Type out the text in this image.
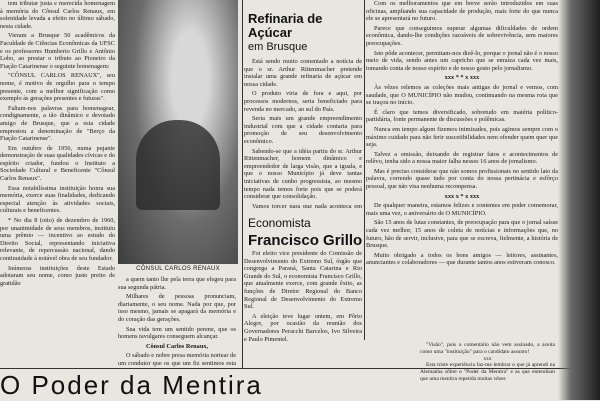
tem tributar justa e merecida homenagem à memória do Cônsul Carlos Renaux, em solenidade levada a efeito no último sábado, nesta cidade.

Vieram a Brusque 50 acadêmicos da Faculdade de Ciências Econômicas da UFSC e os professores Humberto Grillo e Antônio Lobo, ao prestar o tributo ao Pioneiro da Fiação Catarinense o seguinte homenagem:

"CÔNSUL CARLOS RENAUX", seu nome, é motivo de orgulho para o tempo presente, com a melhor significação como exemplo às gerações presentes e futuras".

Faltam-nos palavras para homenagear, condignamente, a tão dinâmico e devotado amigo de Brusque, que a esta cidade emprestou a denominação de "Berço da Fiação Catarinense".

Em outubro de 1956, numa pujante demonstração de suas qualidades cívicas e do espírito criador, fundou o Instituto a Sociedade Cultural e Beneficente "Cônsul Carlos Renaux".

Essa notabilíssima instituição honra sua memória, exerce suas finalidades, dedicando especial atenção às atividades sociais, culturais e beneficentes.

* No dia 8 (oito) de dezembro de 1960, por unanimidade de seus membros, instituiu uma prêmio — incentivo ao estudo do Direito Social, representando iniciativa relevante, de repercussão nacional, dando continuidade à notável obra de seu fundador.

Inúmeras instituições deste Estado adotaram seu nome, como justo preito de gratidão

CÔNSUL CARLOS RENAUX

a quem tanto lhe pela terra que elegeu para sua segunda pátria.

Milhares de pessoas pronunciam, diariamente, o seu nome. Nada por que, por isso mesmo, jamais se apagará da memória e do coração das gerações.

Sua vida tem um sentido perene, que os homens tavulgares conseguem alcançar.

Cônsul Carlos Renaux,

O sábado e nobre presa memória nortear de um condutor que os que um fiz sentimos esta

Refinaria de Açúcar
em Brusque

Está sendo muito comentado a notícia de que o sr. Arthur Rittenmacher pretende instalar uma grande refinaria de açúcar em nossa cidade.

O produto viria de fora e aqui, por processos modernos, seria beneficiado para revenda no mercado, ao sul do País.

Seria mais um grande empreendimento industrial com que a cidade contaria para promoção de seu desenvolvimento econômico.

Sabendo-se que a idéia partiu do sr. Arthur Rittenmacher, homem dinâmico e empreendedor de larga visão, que a iguala, e que o nosso Município já deve tantas iniciativas de cunho progressista, ao mesmo tempo nada temos forte pois que se poderá considerar que consolidação.

Vamos torcer para que nada aconteça em

Economista
Francisco Grillo

Foi eleito vice presidente do Comissão de Desenvolvimento do Extremo Sul, órgão que congrega a Paraná, Santa Catarina e Rio Grande do Sul, o economista Francisco Grillo, que atualmente exerce, com grande êxito, as funções de Diretor Regional do Banco Regional de Desenvolvimento do Extremo Sul.

A eleição teve lugar ontem, em Pôrto Alegre, por ocasião da reunião dos Governadores Peracchi Barcelos, Ivo Silveira e Paulo Pimentel.

Com os melhoramentos que em breve serão introduzidos em suas oficinas, ampliando sua capacidade de produção, mais forte do que nunca ele se apresentará no futuro.

Parece que conseguimos superar algumas dificuldades de ordem econômica, dando-lhe condições razoáveis de sobrevivência, sem maiores preocupações.

Isto pôde acontecer, permitam-nos dizê-lo, porque o jornal não é o nosso meio de vida, sendo antes um capricho que se enraíza cada vez mais, tomando conta de nosso espírito e de nosso gosto pelo jornalismo.

xxx * * x xxx

Às vêzes relemos as coleções mais antigas do jornal e vemos, com saudade, que O MUNICÍPIO não mudou, continuando na mesma rota que se traçou no início.

É claro que temos diversificado, sobretudo em matéria político-partidária, fonte permanente de discussões e polêmicas.

Nunca em tempo algum fizemos inimizades, pois agimos sempre com o máximo cuidado para não ferir suscetibilidades nem ofender quem quer que seja.

Talvez a omissão, deixando de registrar fatos e acontecimentos de relêvo, tenha sido a nossa maior falha nesses 16 anos de jornalismo.

Mas é preciso considerar que não somos profissionais no sentido lato da palavra, correndo quase tudo por conta do nossa pertinácia e esfôrço pessoal, que não visa nenhuma recompensa.

xxx x * x xxx

De qualquer maneira, estamos felizes e contentes em poder comemorar, mais uma vez, o aniversário de O MUNICÍPIO.

São 15 anos de lutas constantes, de preocupação para que o jornal saísse cada vez melhor, 15 anos de coleta de notícias e informações que, no futuro, hão de servir, inclusive, para que se escreva, fielmente, a história de Brusque.

Muito obrigado a todos os bons amigos — leitores, assinantes, anunciantes e colaboradores — que durante tantos anos estiveram conosco.

O Poder da Mentira

"Visão", pois o comentário não vem assinado, a aceita como uma "instituição" para o candidato assunto!

xxx

Esta triste experiência faz-me lembrar o que já aprendi na Alemanha sôbre o "Poder da Mentira" e as que entendiam que uma mentira repetida muitas vêzes
